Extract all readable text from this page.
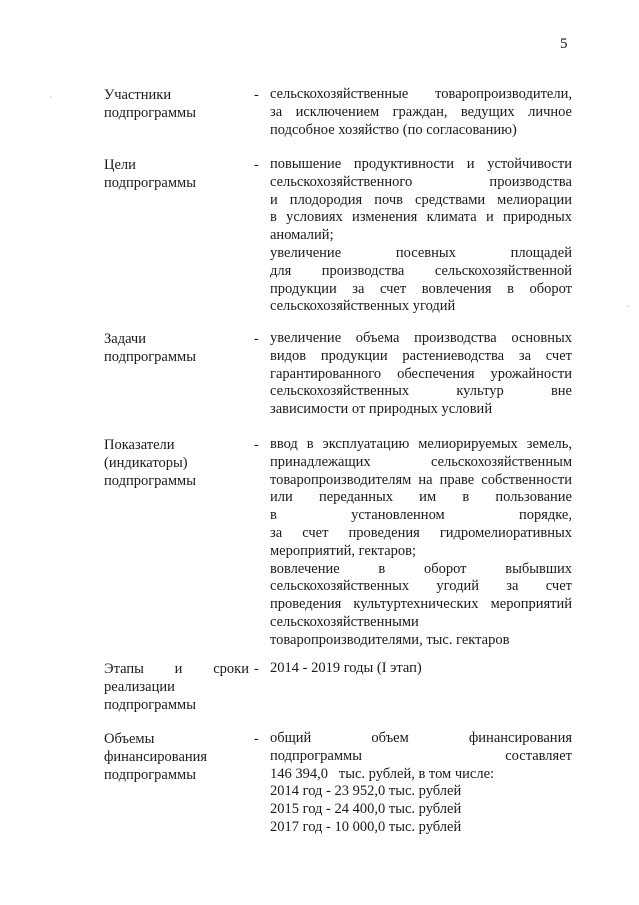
5
Участники
подпрограммы
- сельскохозяйственные товаропроизводители,
за исключением граждан, ведущих личное
подсобное хозяйство (по согласованию)
Цели
подпрограммы
- повышение продуктивности и устойчивости
сельскохозяйственного производства
и плодородия почв средствами мелиорации
в условиях изменения климата и природных
аномалий;
увеличение посевных площадей
для производства сельскохозяйственной
продукции за счет вовлечения в оборот
сельскохозяйственных угодий
Задачи
подпрограммы
- увеличение объема производства основных
видов продукции растениеводства за счет
гарантированного обеспечения урожайности
сельскохозяйственных культур вне
зависимости от природных условий
Показатели
(индикаторы)
подпрограммы
- ввод в эксплуатацию мелиорируемых земель,
принадлежащих сельскохозяйственным
товаропроизводителям на праве собственности
или переданных им в пользование
в установленном порядке,
за счет проведения гидромелиоративных
мероприятий, гектаров;
вовлечение в оборот выбывших
сельскохозяйственных угодий за счет
проведения культуртехнических мероприятий
сельскохозяйственными
товаропроизводителями, тыс. гектаров
Этапы и сроки
реализации
подпрограммы
- 2014 - 2019 годы (I этап)
Объемы
финансирования
подпрограммы
- общий объем финансирования
подпрограммы составляет
146 394,0   тыс. рублей, в том числе:
2014 год - 23 952,0 тыс. рублей
2015 год - 24 400,0 тыс. рублей
2017 год - 10 000,0 тыс. рублей
